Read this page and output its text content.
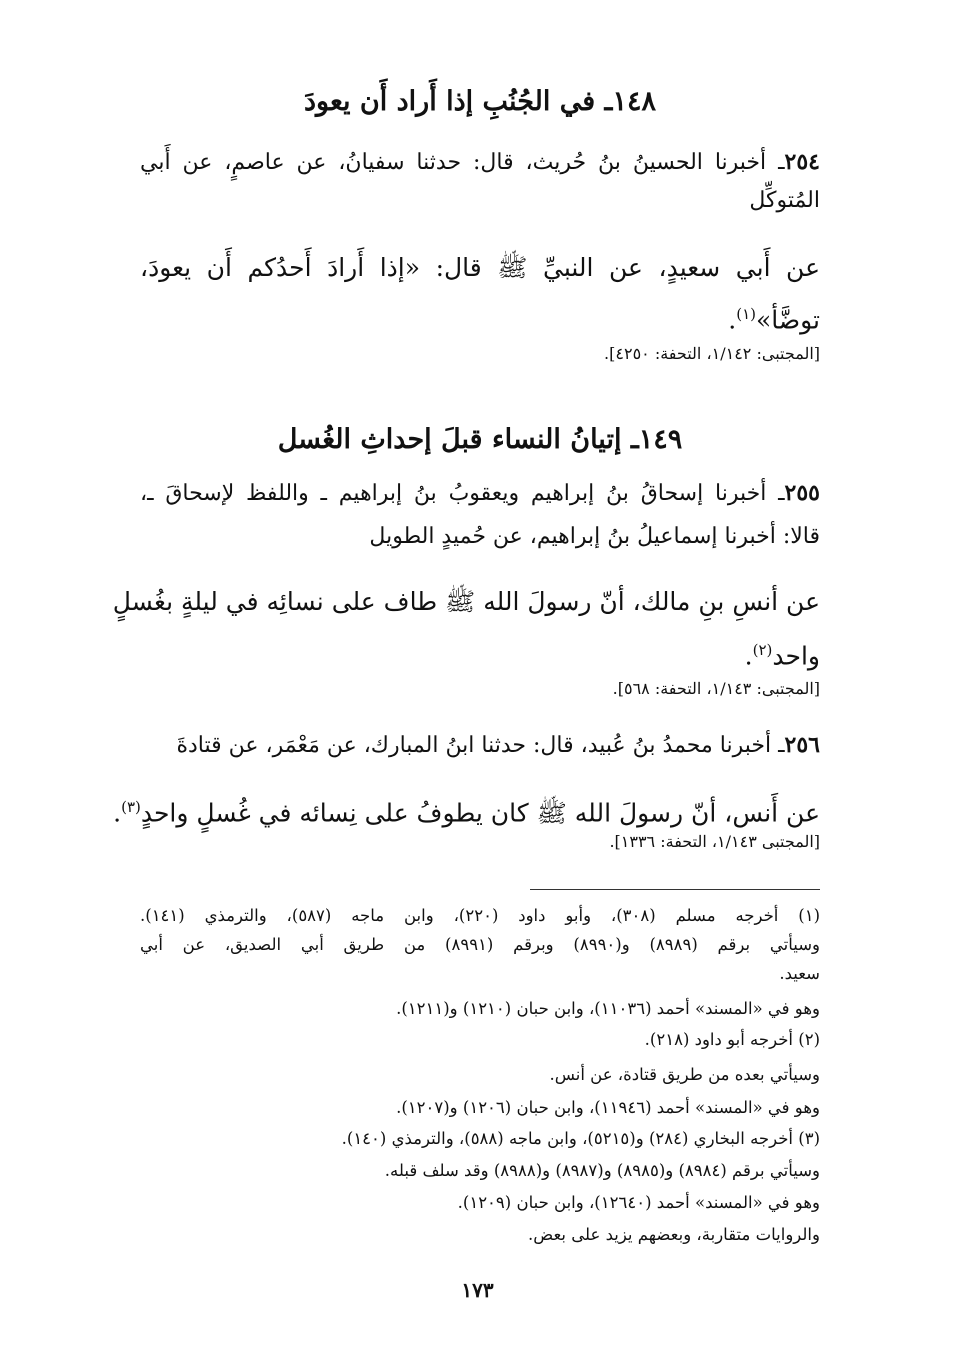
١٤٨ـ في الجُنُبِ إذا أَراد أَن يعودَ
٢٥٤ـ أخبرنا الحسينُ بنُ حُريث، قال: حدثنا سفيانُ، عن عاصمٍ، عن أَبي
المُتوكِّل
عن أَبي سعيدٍ، عن النبيِّ ﷺ قال: «إذا أَرادَ أَحدُكم أَن يعودَ،
توضَّأ»$^{(١)}$.
[المجتبى: ١/١٤٢، التحفة: ٤٢٥٠].
١٤٩ـ إتيانُ النساء قبلَ إحداثِ الغُسل
٢٥٥ـ أخبرنا إسحاقُ بنُ إبراهيم ويعقوبُ بنُ إبراهيم ـ واللفظ لإسحاقَ ـ،
قالا: أخبرنا إسماعيلُ بنُ إبراهيم، عن حُميدٍ الطويل
عن أنسِ بنِ مالك، أنّ رسولَ الله ﷺ طاف على نسائِه في ليلةٍ بغُسلٍ
واحد$^{(٢)}$.
[المجتبى: ١/١٤٣، التحفة: ٥٦٨].
٢٥٦ـ أخبرنا محمدُ بنُ عُبيد، قال: حدثنا ابنُ المبارك، عن مَعْمَر، عن قتادةَ
عن أَنس، أنّ رسولَ الله ﷺ كان يطوفُ على نِسائه في غُسلٍ واحدٍ$^{(٣)}$.
[المجتبى ١/١٤٣، التحفة: ١٣٣٦].
(١) أخرجه مسلم (٣٠٨)، وأبو داود (٢٢٠)، وابن ماجه (٥٨٧)، والترمذي (١٤١).
وسيأتي برقم (٨٩٨٩) و(٨٩٩٠) وبرقم (٨٩٩١) من طريق أبي الصديق، عن أبي
سعيد.
وهو في «المسند» أحمد (١١٠٣٦)، وابن حبان (١٢١٠) و(١٢١١).
(٢) أخرجه أبو داود (٢١٨).
وسيأتي بعده من طريق قتادة، عن أنس.
وهو في «المسند» أحمد (١١٩٤٦)، وابن حبان (١٢٠٦) و(١٢٠٧).
(٣) أخرجه البخاري (٢٨٤) و(٥٢١٥)، وابن ماجه (٥٨٨)، والترمذي (١٤٠).
وسيأتي برقم (٨٩٨٤) و(٨٩٨٥) و(٨٩٨٧) و(٨٩٨٨) وقد سلف قبله.
وهو في «المسند» أحمد (١٢٦٤٠)، وابن حبان (١٢٠٩).
والروايات متقاربة، وبعضهم يزيد على بعض.
١٧٣
